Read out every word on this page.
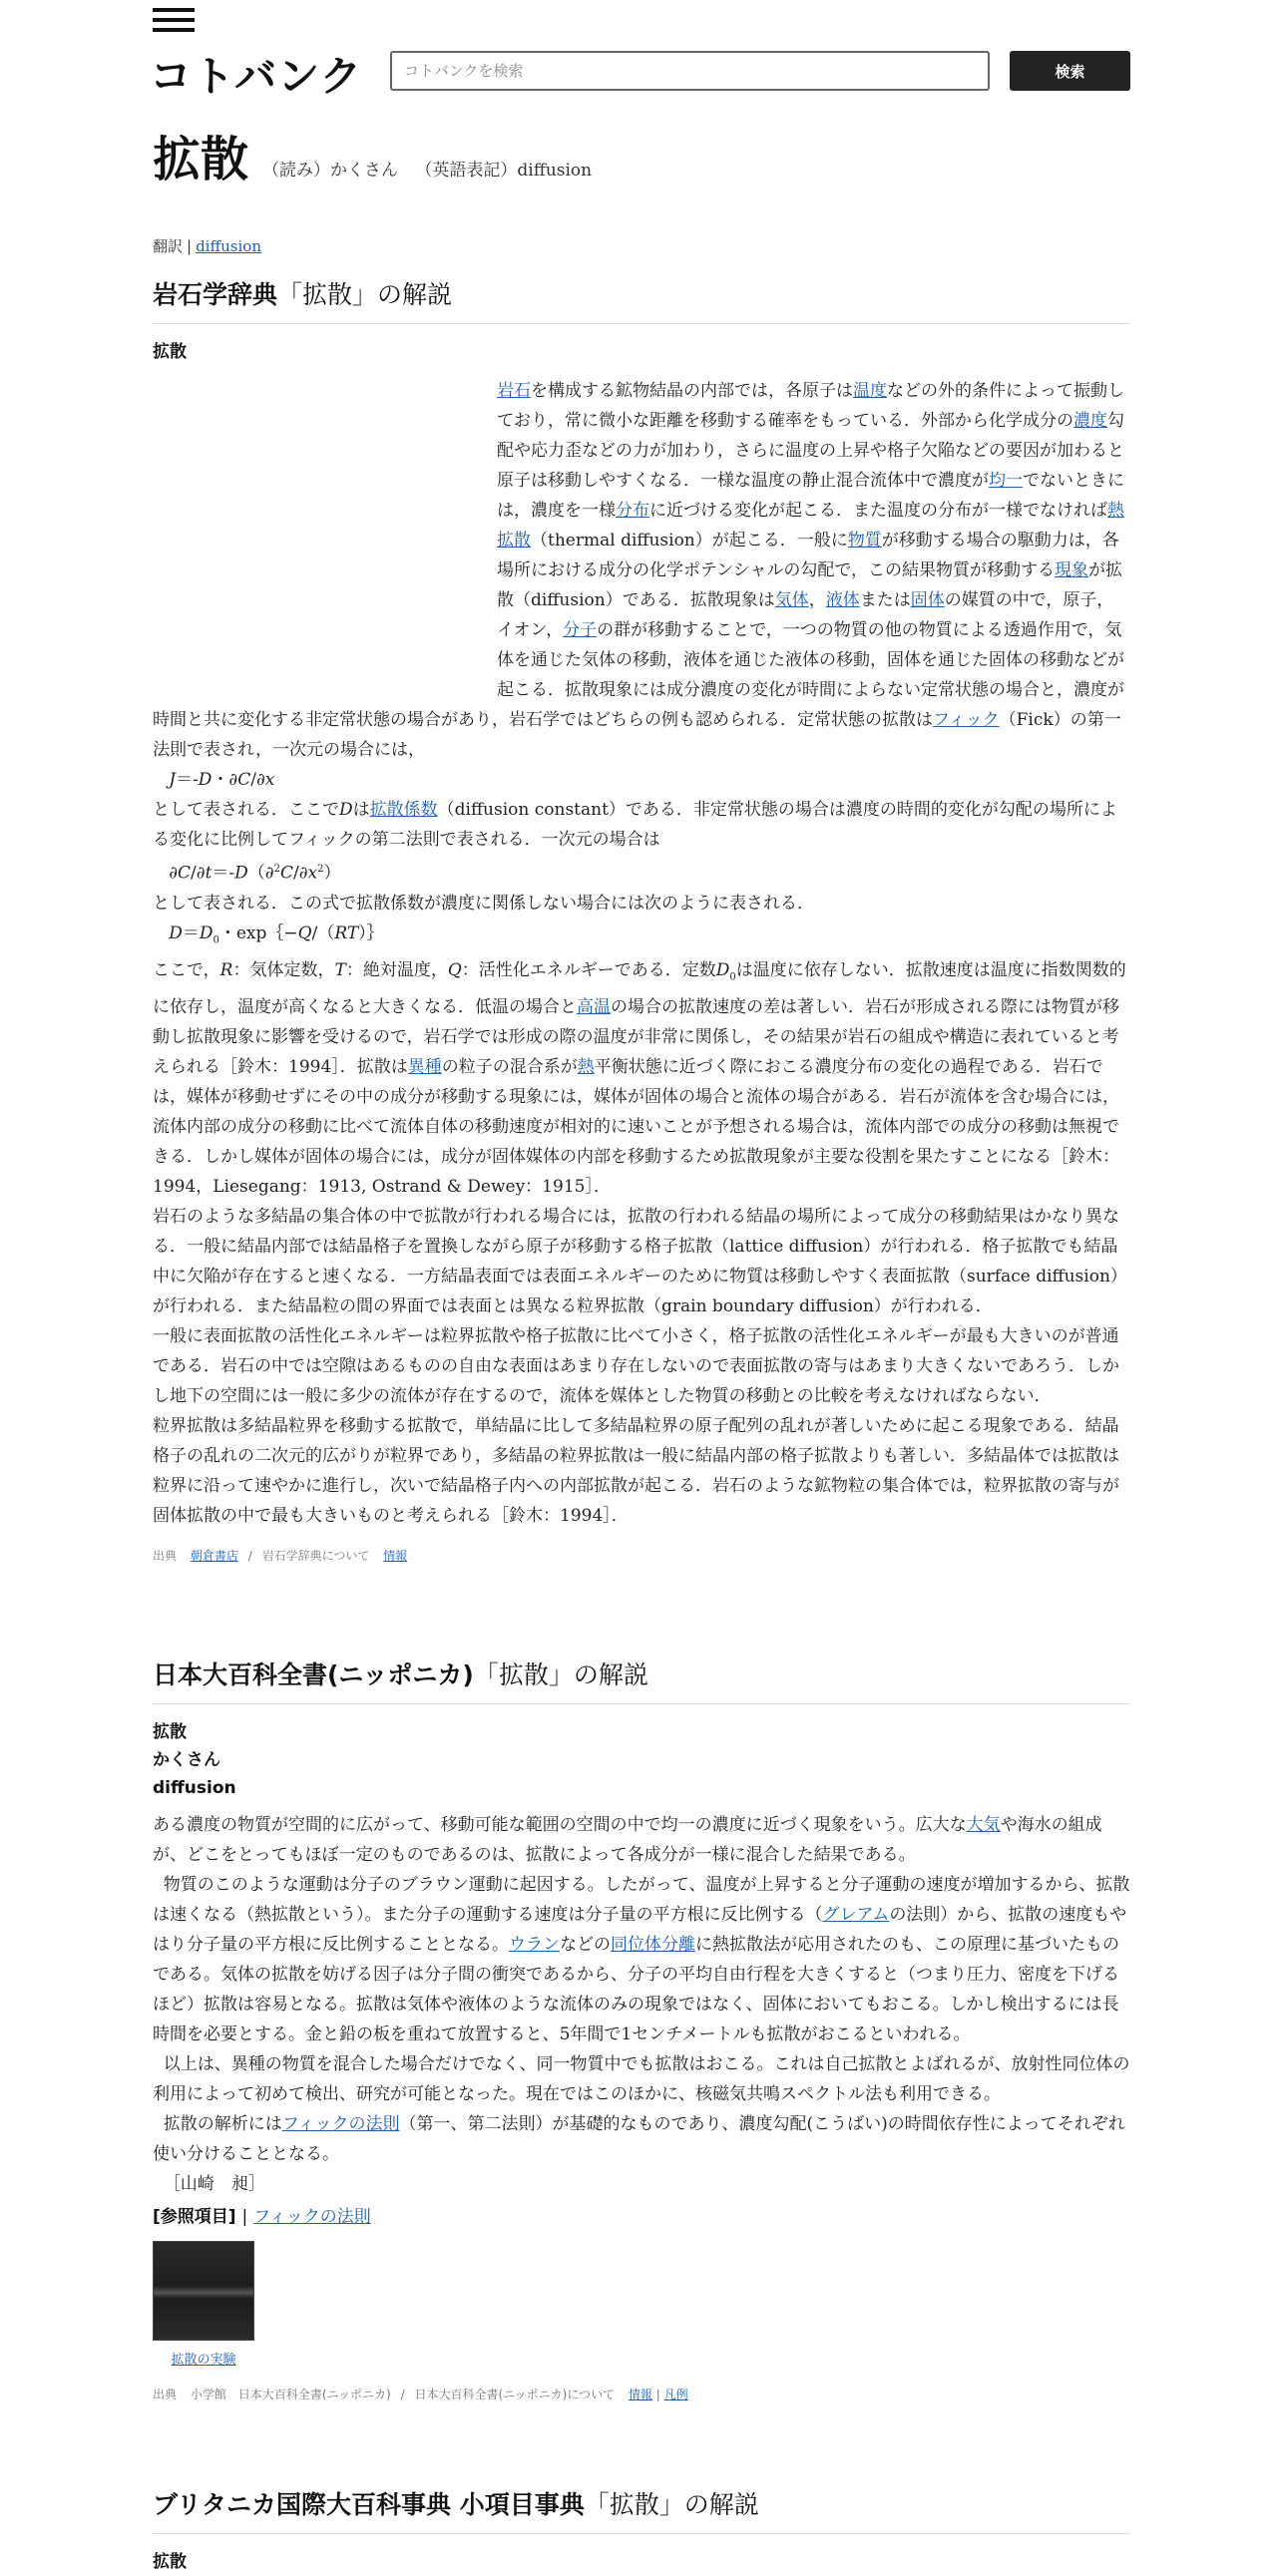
コトバンク
コトバンクを検索	検索
拡散 （読み）かくさん （英語表記）diffusion
翻訳 | diffusion
岩石学辞典「拡散」の解説
拡散
岩石を構成する鉱物結晶の内部では，各原子は温度などの外的条件によって振動しており，常に微小な距離を移動する確率をもっている．外部から化学成分の濃度勾配や応力歪などの力が加わり，さらに温度の上昇や格子欠陥などの要因が加わると原子は移動しやすくなる．一様な温度の静止混合流体中で濃度が均一でないときには，濃度を一様分布に近づける変化が起こる．また温度の分布が一様でなければ熱拡散（thermal diffusion）が起こる．一般に物質が移動する場合の駆動力は，各場所における成分の化学ポテンシャルの勾配で，この結果物質が移動する現象が拡散（diffusion）である．拡散現象は気体，液体または固体の媒質の中で，原子，イオン，分子の群が移動することで，一つの物質の他の物質による透過作用で，気体を通じた気体の移動，液体を通じた液体の移動，固体を通じた固体の移動などが起こる．拡散現象には成分濃度の変化が時間によらない定常状態の場合と，濃度が時間と共に変化する非定常状態の場合があり，岩石学ではどちらの例も認められる．定常状態の拡散はフィック（Fick）の第一法則で表され，一次元の場合には，
J＝-D・∂C/∂x
として表される．ここでDは拡散係数（diffusion constant）である．非定常状態の場合は濃度の時間的変化が勾配の場所による変化に比例してフィックの第二法則で表される．一次元の場合は
$\partial C/\partial t=-D(\partial^2C/\partial x^2)$
として表される．この式で拡散係数が濃度に関係しない場合には次のように表される．
$D=D_0$・exp｛−Q/（RT）｝
ここで，R：気体定数，T：絶対温度，Q：活性化エネルギーである．定数$D_0$は温度に依存しない．拡散速度は温度に指数関数的に依存し，温度が高くなると大きくなる．低温の場合と高温の場合の拡散速度の差は著しい．岩石が形成される際には物質が移動し拡散現象に影響を受けるので，岩石学では形成の際の温度が非常に関係し，その結果が岩石の組成や構造に表れていると考えられる［鈴木：1994］．拡散は異種の粒子の混合系が熱平衡状態に近づく際におこる濃度分布の変化の過程である．岩石では，媒体が移動せずにその中の成分が移動する現象には，媒体が固体の場合と流体の場合がある．岩石が流体を含む場合には，流体内部の成分の移動に比べて流体自体の移動速度が相対的に速いことが予想される場合は，流体内部での成分の移動は無視できる．しかし媒体が固体の場合には，成分が固体媒体の内部を移動するため拡散現象が主要な役割を果たすことになる［鈴木：1994，Liesegang：1913, Ostrand & Dewey：1915］．
岩石のような多結晶の集合体の中で拡散が行われる場合には，拡散の行われる結晶の場所によって成分の移動結果はかなり異なる．一般に結晶内部では結晶格子を置換しながら原子が移動する格子拡散（lattice diffusion）が行われる．格子拡散でも結晶中に欠陥が存在すると速くなる．一方結晶表面では表面エネルギーのために物質は移動しやすく表面拡散（surface diffusion）が行われる．また結晶粒の間の界面では表面とは異なる粒界拡散（grain boundary diffusion）が行われる．
一般に表面拡散の活性化エネルギーは粒界拡散や格子拡散に比べて小さく，格子拡散の活性化エネルギーが最も大きいのが普通である．岩石の中では空隙はあるものの自由な表面はあまり存在しないので表面拡散の寄与はあまり大きくないであろう．しかし地下の空間には一般に多少の流体が存在するので，流体を媒体とした物質の移動との比較を考えなければならない．
粒界拡散は多結晶粒界を移動する拡散で，単結晶に比して多結晶粒界の原子配列の乱れが著しいために起こる現象である．結晶格子の乱れの二次元的広がりが粒界であり，多結晶の粒界拡散は一般に結晶内部の格子拡散よりも著しい．多結晶体では拡散は粒界に沿って速やかに進行し，次いで結晶格子内への内部拡散が起こる．岩石のような鉱物粒の集合体では，粒界拡散の寄与が固体拡散の中で最も大きいものと考えられる［鈴木：1994］．
出典 朝倉書店 / 岩石学辞典について 情報
日本大百科全書(ニッポニカ)「拡散」の解説
拡散
かくさん
diffusion
ある濃度の物質が空間的に広がって、移動可能な範囲の空間の中で均一の濃度に近づく現象をいう。広大な大気や海水の組成が、どこをとってもほぼ一定のものであるのは、拡散によって各成分が一様に混合した結果である。
物質のこのような運動は分子のブラウン運動に起因する。したがって、温度が上昇すると分子運動の速度が増加するから、拡散は速くなる（熱拡散という）。また分子の運動する速度は分子量の平方根に反比例する（グレアムの法則）から、拡散の速度もやはり分子量の平方根に反比例することとなる。ウランなどの同位体分離に熱拡散法が応用されたのも、この原理に基づいたものである。気体の拡散を妨げる因子は分子間の衝突であるから、分子の平均自由行程を大きくすると（つまり圧力、密度を下げるほど）拡散は容易となる。拡散は気体や液体のような流体のみの現象ではなく、固体においてもおこる。しかし検出するには長時間を必要とする。金と鉛の板を重ねて放置すると、5年間で1センチメートルも拡散がおこるといわれる。
以上は、異種の物質を混合した場合だけでなく、同一物質中でも拡散はおこる。これは自己拡散とよばれるが、放射性同位体の利用によって初めて検出、研究が可能となった。現在ではこのほかに、核磁気共鳴スペクトル法も利用できる。
拡散の解析にはフィックの法則（第一、第二法則）が基礎的なものであり、濃度勾配(こうばい)の時間依存性によってそれぞれ使い分けることとなる。
［山崎　昶］
[参照項目] | フィックの法則
拡散の実験
出典 小学館　日本大百科全書(ニッポニカ) / 日本大百科全書(ニッポニカ)について 情報 | 凡例
ブリタニカ国際大百科事典 小項目事典「拡散」の解説
拡散
